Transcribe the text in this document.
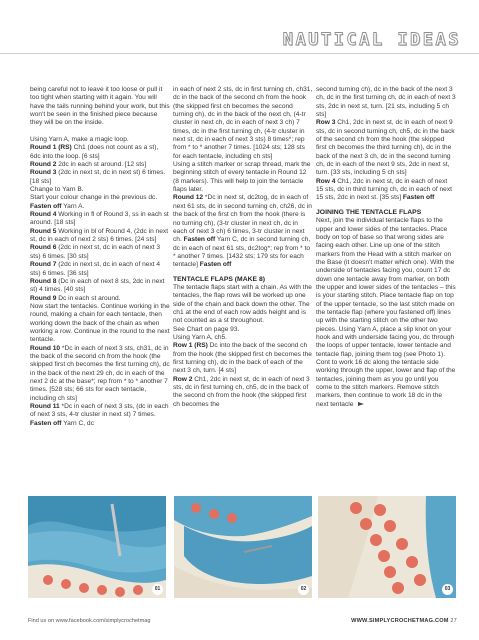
NAUTICAL IDEAS

being careful not to leave it too loose or pull it too tight when starting with it again. You will have the tails running behind your work, but this won't be seen in the finished piece because they will be on the inside.

Using Yarn A, make a magic loop.
Round 1 (RS) Ch1 (does not count as a st), 6dc into the loop. [6 sts]
Round 2 2dc in each st around. [12 sts]
Round 3 (2dc in next st, dc in next st) 6 times. [18 sts]
Change to Yarn B.
Start your colour change in the previous dc. Fasten off Yarn A.
Round 4 Working in fl of Round 3, ss in each st around. [18 sts]
Round 5 Working in bl of Round 4, (2dc in next st, dc in each of next 2 sts) 6 times. [24 sts]
Round 6 (2dc in next st, dc in each of next 3 sts) 6 times. [30 sts]
Round 7 (2dc in next st, dc in each of next 4 sts) 6 times. [36 sts]
Round 8 (Dc in each of next 8 sts, 2dc in next st) 4 times. [40 sts]
Round 9 Dc in each st around.
Now start the tentacles. Continue working in the round, making a chain for each tentacle, then working down the back of the chain as when working a row. Continue in the round to the next tentacle.
Round 10 *Dc in each of next 3 sts, ch31, dc in the back of the second ch from the hook (the skipped first ch becomes the first turning ch), dc in the back of the next 29 ch, dc in each of the next 2 dc at the base*; rep from * to * another 7 times. [528 sts; 66 sts for each tentacle, including ch sts]
Round 11 *Dc in each of next 3 sts, (dc in each of next 3 sts, 4-tr cluster in next st) 7 times. Fasten off Yarn C, dc

in each of next 2 sts, dc in first turning ch, ch31, dc in the back of the second ch from the hook (the skipped first ch becomes the second turning ch), dc in the back of the next ch, (4-tr cluster in next ch, dc in each of next 3 ch) 7 times, dc in the first turning ch, (4-tr cluster in next st, dc in each of next 3 sts) 8 times*; rep from * to * another 7 times. [1024 sts; 128 sts for each tentacle, including ch sts]

Using a stitch marker or scrap thread, mark the beginning stitch of every tentacle in Round 12 (8 markers). This will help to join the tentacle flaps later.
Round 12 *Dc in next st, dc2tog, dc in each of next 61 sts, dc in second turning ch, ch26, dc in the back of the first ch from the hook (there is no turning ch), (3-tr cluster in next ch, dc in each of next 3 ch) 6 times, 3-tr cluster in next ch. Fasten off Yarn C, dc in second turning ch, dc in each of next 61 sts, dc2tog*; rep from * to * another 7 times. [1432 sts; 179 sts for each tentacle] Fasten off

TENTACLE FLAPS (MAKE 8)

The tentacle flaps start with a chain. As with the tentacles, the flap rows will be worked up one side of the chain and back down the other. The ch1 at the end of each row adds height and is not counted as a st throughout.
See Chart on page 93.
Using Yarn A, ch5.
Row 1 (RS) Dc into the back of the second ch from the hook (the skipped first ch becomes the first turning ch), dc in the back of each of the next 3 ch, turn. [4 sts]
Row 2 Ch1, 2dc in next st, dc in each of next 3 sts, dc in first turning ch, ch5, dc in the back of the second ch from the hook (the skipped first ch becomes the

second turning ch), dc in the back of the next 3 ch, dc in the first turning ch, dc in each of next 3 sts, 2dc in next st, turn. [21 sts, including 5 ch sts]
Row 3 Ch1, 2dc in next st, dc in each of next 9 sts, dc in second turning ch, ch5, dc in the back of the second ch from the hook (the skipped first ch becomes the third turning ch), dc in the back of the next 3 ch, dc in the second turning ch, dc in each of the next 9 sts, 2dc in next st, turn. [33 sts, including 5 ch sts]
Row 4 Ch1, 2dc in next st, dc in each of next 15 sts, dc in third turning ch, dc in each of next 15 sts, 2dc in next st. [35 sts] Fasten off

JOINING THE TENTACLE FLAPS

Next, join the individual tentacle flaps to the upper and lower sides of the tentacles. Place body on top of base so that wrong sides are facing each other. Line up one of the stitch markers from the Head with a stitch marker on the Base (it doesn't matter which one). With the underside of tentacles facing you, count 17 dc down one tentacle away from marker, on both the upper and lower sides of the tentacles – this is your starting stitch. Place tentacle flap on top of the upper tentacle, so the last stitch made on the tentacle flap (where you fastened off) lines up with the starting stitch on the other two pieces. Using Yarn A, place a slip knot on your hook and with underside facing you, dc through the loops of upper tentacle, lower tentacle and tentacle flap, joining them tog (see Photo 1). Cont to work 16 dc along the tentacle side working through the upper, lower and flap of the tentacles, joining them as you go until you come to the stitch markers. Remove stitch markers, then continue to work 18 dc in the next tentacle

01	02	03
Find us on www.facebook.com/simplycrochetmag	WWW.SIMPLYCROCHETMAG.COM 27
